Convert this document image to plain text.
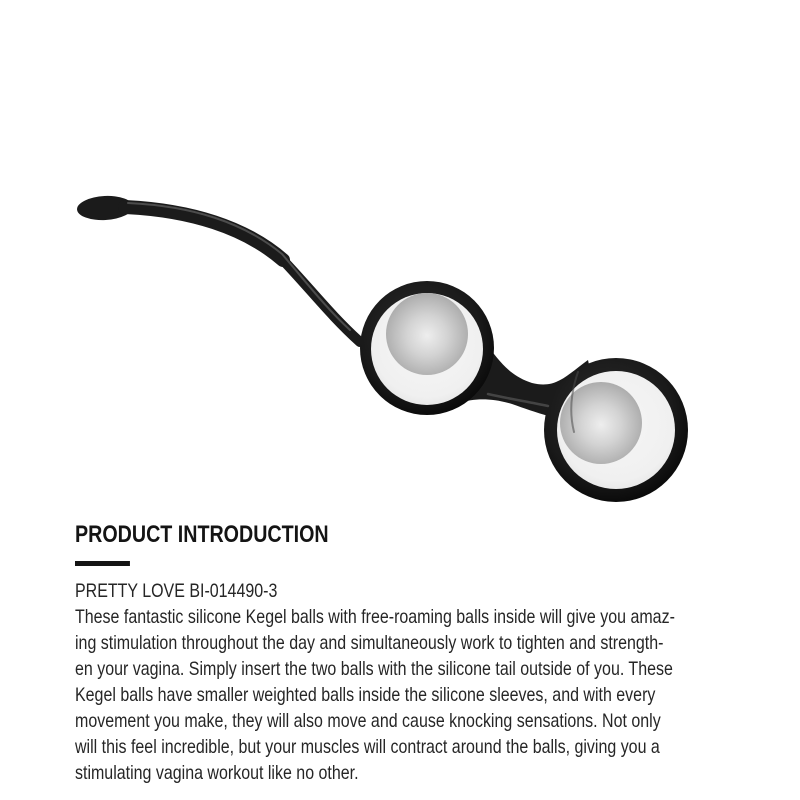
PRODUCT INTRODUCTION
PRETTY LOVE BI-014490-3
These fantastic silicone Kegel balls with free-roaming balls inside will give you amaz-
ing stimulation throughout the day and simultaneously work to tighten and strength-
en your vagina. Simply insert the two balls with the silicone tail outside of you. These
Kegel balls have smaller weighted balls inside the silicone sleeves, and with every
movement you make, they will also move and cause knocking sensations. Not only
will this feel incredible, but your muscles will contract around the balls, giving you a
stimulating vagina workout like no other.
